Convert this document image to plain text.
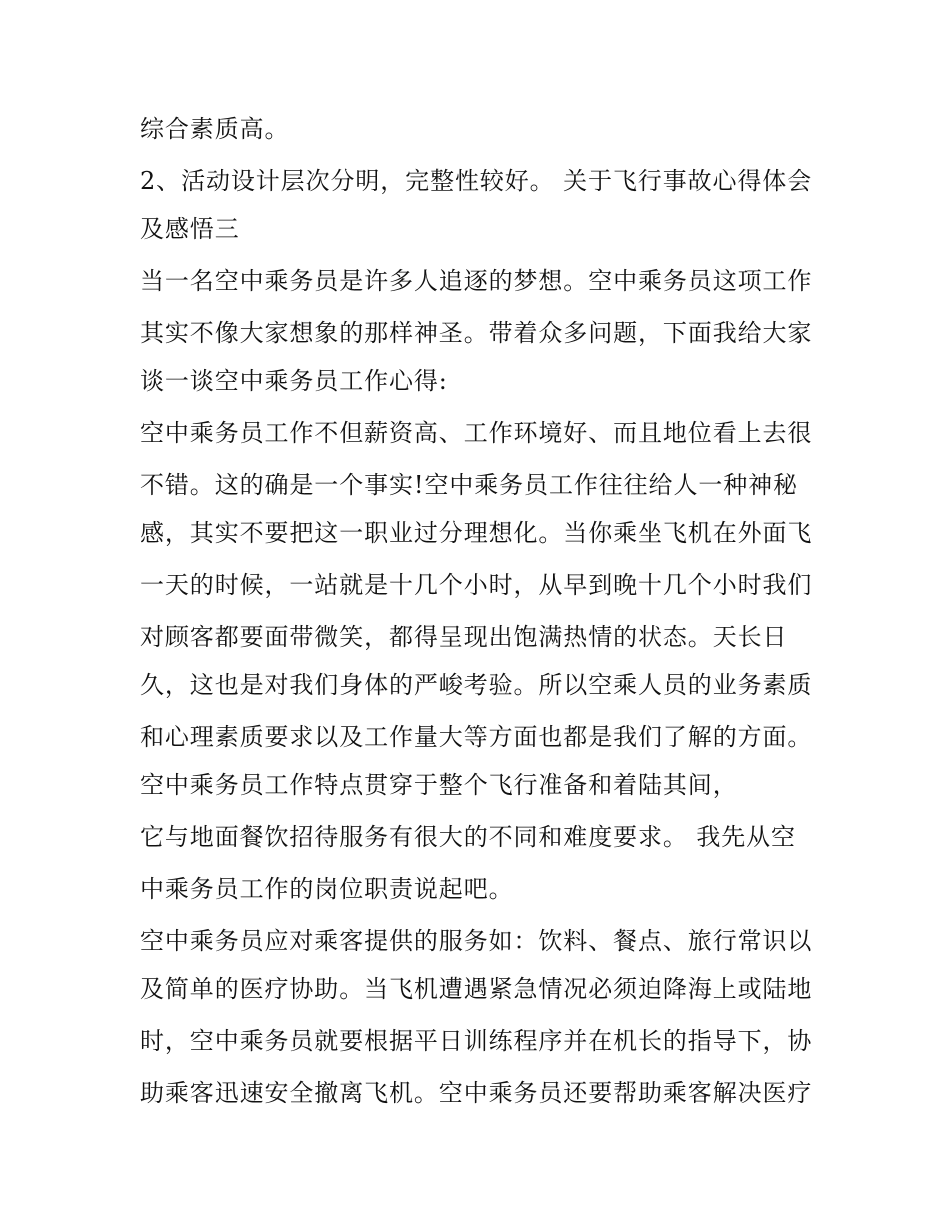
综合素质高。
2、活动设计层次分明，完整性较好。 关于飞行事故心得体会
及感悟三
当一名空中乘务员是许多人追逐的梦想。空中乘务员这项工作
其实不像大家想象的那样神圣。带着众多问题，下面我给大家
谈一谈空中乘务员工作心得:
空中乘务员工作不但薪资高、工作环境好、而且地位看上去很
不错。这的确是一个事实!空中乘务员工作往往给人一种神秘
感，其实不要把这一职业过分理想化。当你乘坐飞机在外面飞
一天的时候，一站就是十几个小时，从早到晚十几个小时我们
对顾客都要面带微笑，都得呈现出饱满热情的状态。天长日
久，这也是对我们身体的严峻考验。所以空乘人员的业务素质
和心理素质要求以及工作量大等方面也都是我们了解的方面。
空中乘务员工作特点贯穿于整个飞行准备和着陆其间，
它与地面餐饮招待服务有很大的不同和难度要求。 我先从空
中乘务员工作的岗位职责说起吧。
空中乘务员应对乘客提供的服务如：饮料、餐点、旅行常识以
及简单的医疗协助。当飞机遭遇紧急情况必须迫降海上或陆地
时，空中乘务员就要根据平日训练程序并在机长的指导下，协
助乘客迅速安全撤离飞机。空中乘务员还要帮助乘客解决医疗
